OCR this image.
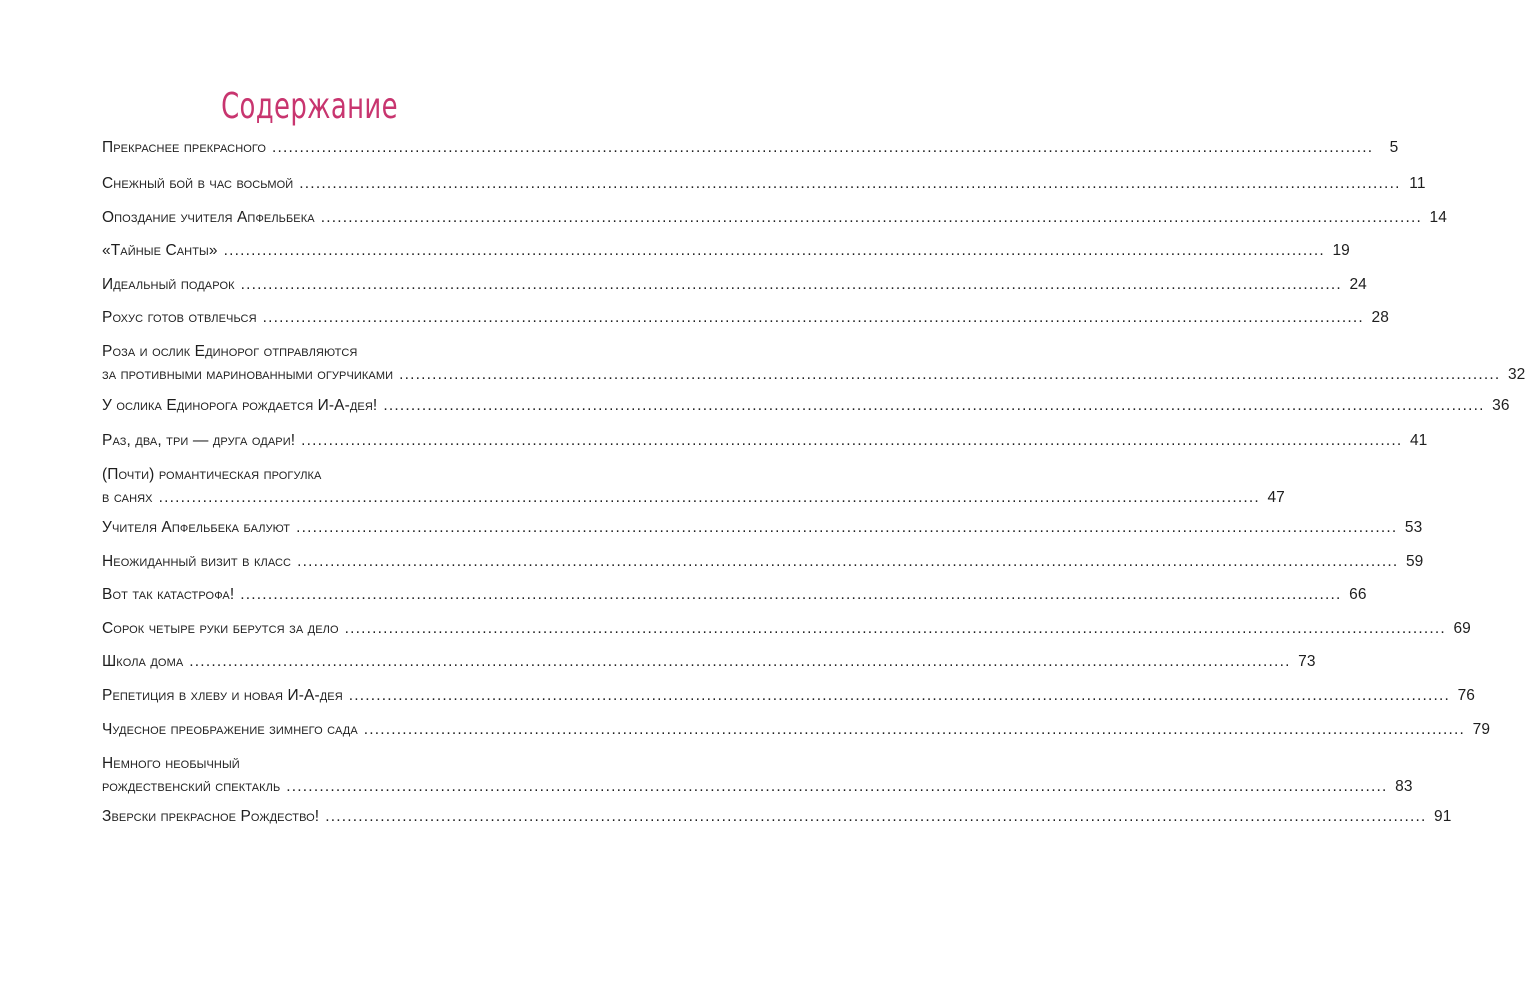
Содержание
Прекраснее прекрасного ........................................................................................................................................................................................................	5
Снежный бой в час восьмой ........................................................................................................................................................................................................ 11
Опоздание учителя Апфельбека ........................................................................................................................................................................................................ 14
«Тайные Санты» ........................................................................................................................................................................................................ 19
Идеальный подарок ........................................................................................................................................................................................................ 24
Рохус готов отвлечься ........................................................................................................................................................................................................ 28
Роза и ослик Единорог отправляются
за противными маринованными огурчиками ........................................................................................................................................................................................................ 32
У ослика Единорога рождается И-А-дея! ........................................................................................................................................................................................................ 36
Раз, два, три — друга одари! ........................................................................................................................................................................................................ 41
(Почти) романтическая прогулка
в санях ........................................................................................................................................................................................................ 47
Учителя Апфельбека балуют ........................................................................................................................................................................................................ 53
Неожиданный визит в класс ........................................................................................................................................................................................................ 59
Вот так катастрофа! ........................................................................................................................................................................................................ 66
Сорок четыре руки берутся за дело ........................................................................................................................................................................................................ 69
Школа дома ........................................................................................................................................................................................................ 73
Репетиция в хлеву и новая И-А-дея ........................................................................................................................................................................................................ 76
Чудесное преображение зимнего сада ........................................................................................................................................................................................................ 79
Немного необычный
рождественский спектакль ........................................................................................................................................................................................................ 83
Зверски прекрасное Рождество! ........................................................................................................................................................................................................ 91
